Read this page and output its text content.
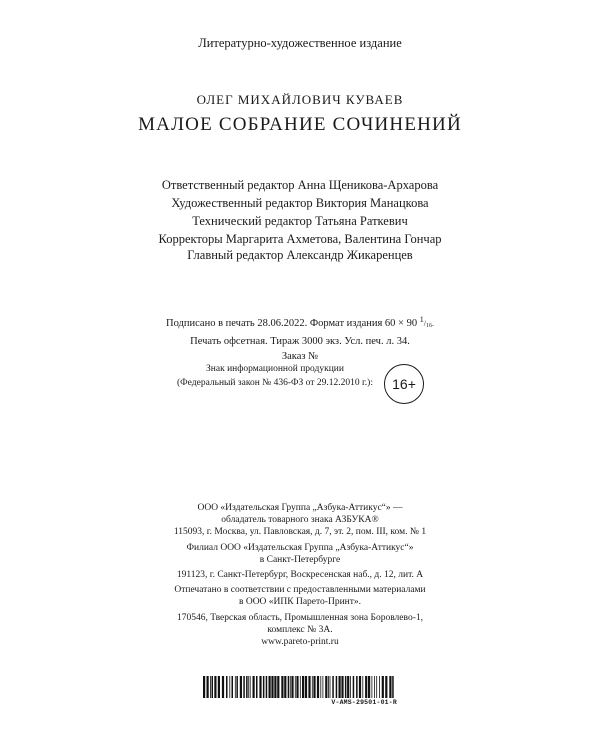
Литературно-художественное издание
ОЛЕГ МИХАЙЛОВИЧ КУВАЕВ
МАЛОЕ СОБРАНИЕ СОЧИНЕНИЙ
Ответственный редактор Анна Щеникова-Архарова
Художественный редактор Виктория Манацкова
Технический редактор Татьяна Раткевич
Корректоры Маргарита Ахметова, Валентина Гончар
Главный редактор Александр Жикаренцев
Подписано в печать 28.06.2022. Формат издания 60 × 90 $^1/_{16}$.
Печать офсетная. Тираж 3000 экз. Усл. печ. л. 34.
Заказ №
Знак информационной продукции
(Федеральный закон № 436-ФЗ от 29.12.2010 г.):	16+
ООО «Издательская Группа „Азбука-Аттикус“» —
обладатель товарного знака АЗБУКА®
115093, г. Москва, ул. Павловская, д. 7, эт. 2, пом. III, ком. № 1
Филиал ООО «Издательская Группа „Азбука-Аттикус“»
в Санкт-Петербурге
191123, г. Санкт-Петербург, Воскресенская наб., д. 12, лит. А
Отпечатано в соответствии с предоставленными материалами
в ООО «ИПК Парето-Принт».
170546, Тверская область, Промышленная зона Боровлево-1,
комплекс № 3А.
www.pareto-print.ru
V-AMS-29501-01-R
